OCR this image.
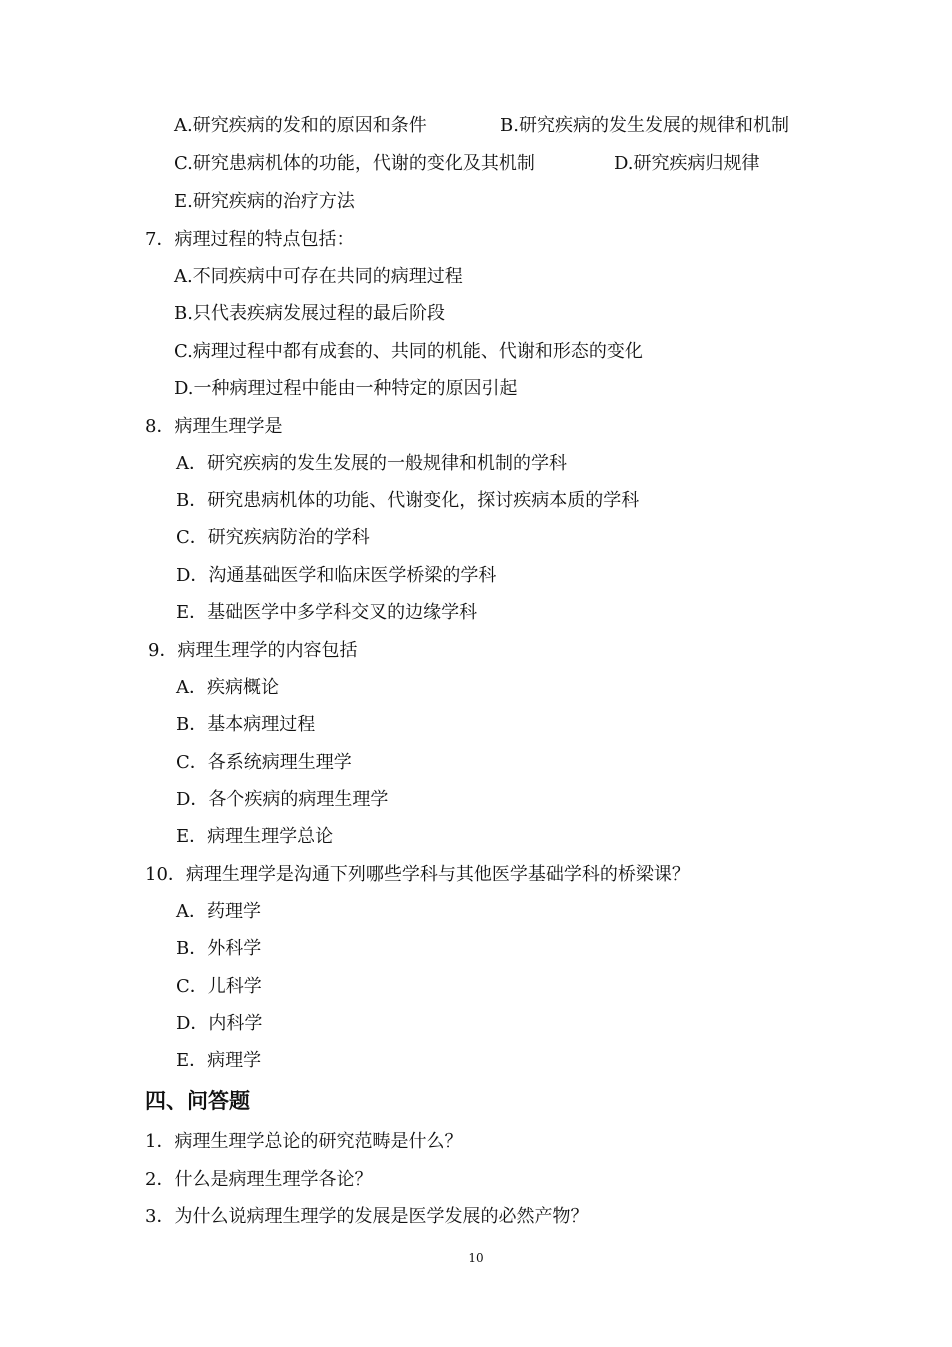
A.研究疾病的发和的原因和条件	B.研究疾病的发生发展的规律和机制
C.研究患病机体的功能，代谢的变化及其机制	D.研究疾病归规律
E.研究疾病的治疗方法
7．病理过程的特点包括：
A.不同疾病中可存在共同的病理过程
B.只代表疾病发展过程的最后阶段
C.病理过程中都有成套的、共同的机能、代谢和形态的变化
D.一种病理过程中能由一种特定的原因引起
8．病理生理学是
A．研究疾病的发生发展的一般规律和机制的学科
B．研究患病机体的功能、代谢变化，探讨疾病本质的学科
C．研究疾病防治的学科
D．沟通基础医学和临床医学桥梁的学科
E．基础医学中多学科交叉的边缘学科
9．病理生理学的内容包括
A．疾病概论
B．基本病理过程
C．各系统病理生理学
D．各个疾病的病理生理学
E．病理生理学总论
10．病理生理学是沟通下列哪些学科与其他医学基础学科的桥梁课？
A．药理学
B．外科学
C．儿科学
D．内科学
E．病理学
四、问答题
1．病理生理学总论的研究范畴是什么？
2．什么是病理生理学各论？
3．为什么说病理生理学的发展是医学发展的必然产物？
10
